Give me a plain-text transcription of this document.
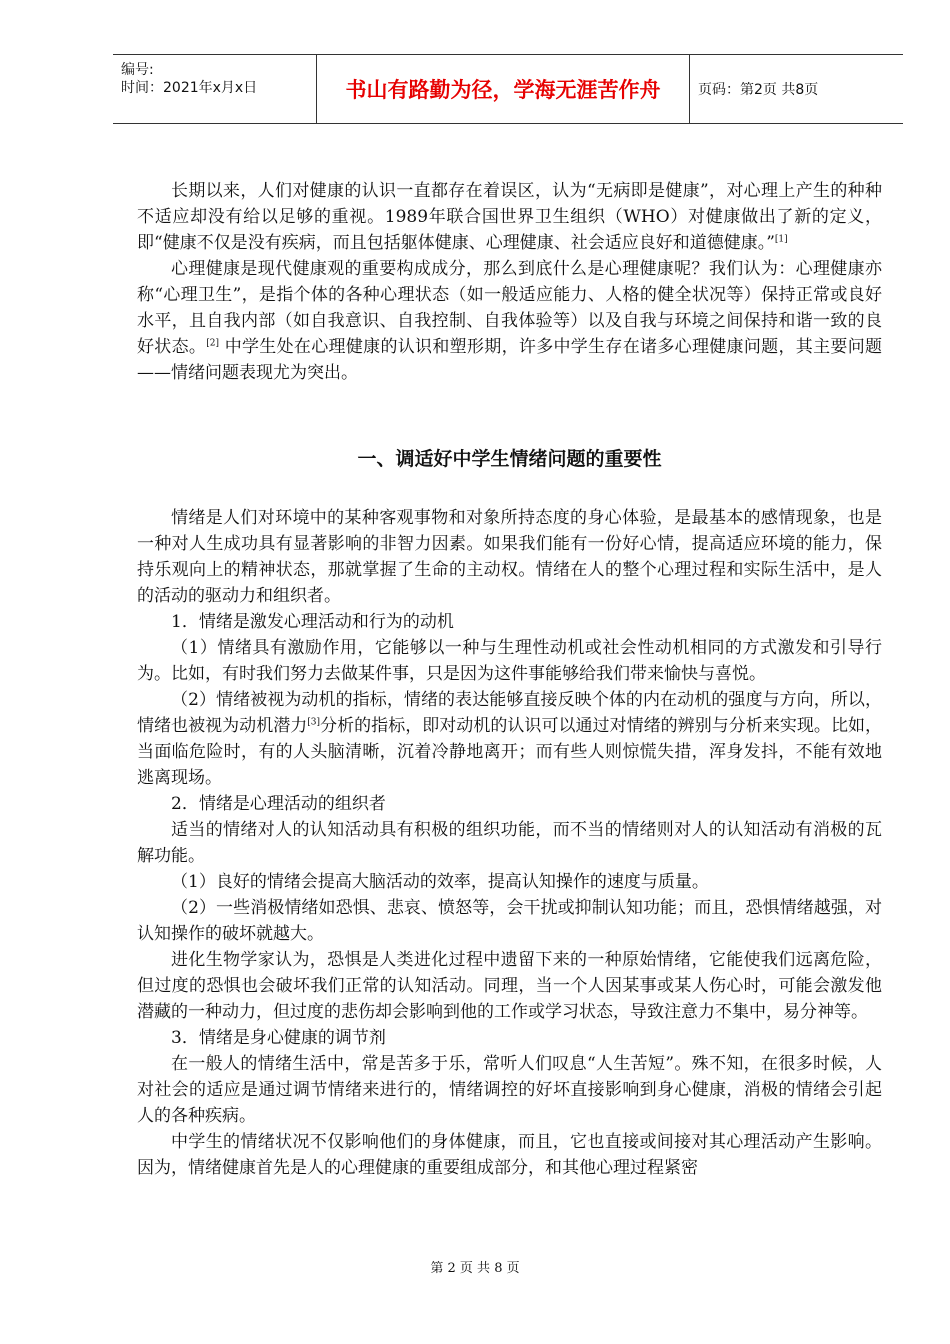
编号:
时间：2021年x月x日	书山有路勤为径，学海无涯苦作舟	页码：第2页 共8页

长期以来，人们对健康的认识一直都存在着误区，认为“无病即是健康”，对心理上产生的种种不适应却没有给以足够的重视。1989年联合国世界卫生组织（WHO）对健康做出了新的定义，即“健康不仅是没有疾病，而且包括躯体健康、心理健康、社会适应良好和道德健康。”[1]

心理健康是现代健康观的重要构成成分，那么到底什么是心理健康呢？我们认为：心理健康亦称“心理卫生”，是指个体的各种心理状态（如一般适应能力、人格的健全状况等）保持正常或良好水平，且自我内部（如自我意识、自我控制、自我体验等）以及自我与环境之间保持和谐一致的良好状态。[2] 中学生处在心理健康的认识和塑形期，许多中学生存在诸多心理健康问题，其主要问题——情绪问题表现尤为突出。

一、调适好中学生情绪问题的重要性

情绪是人们对环境中的某种客观事物和对象所持态度的身心体验，是最基本的感情现象，也是一种对人生成功具有显著影响的非智力因素。如果我们能有一份好心情，提高适应环境的能力，保持乐观向上的精神状态，那就掌握了生命的主动权。情绪在人的整个心理过程和实际生活中，是人的活动的驱动力和组织者。

1．情绪是激发心理活动和行为的动机

（1）情绪具有激励作用，它能够以一种与生理性动机或社会性动机相同的方式激发和引导行为。比如，有时我们努力去做某件事，只是因为这件事能够给我们带来愉快与喜悦。

（2）情绪被视为动机的指标，情绪的表达能够直接反映个体的内在动机的强度与方向，所以，情绪也被视为动机潜力[3]分析的指标，即对动机的认识可以通过对情绪的辨别与分析来实现。比如，当面临危险时，有的人头脑清晰，沉着冷静地离开；而有些人则惊慌失措，浑身发抖，不能有效地逃离现场。

2．情绪是心理活动的组织者

适当的情绪对人的认知活动具有积极的组织功能，而不当的情绪则对人的认知活动有消极的瓦解功能。

（1）良好的情绪会提高大脑活动的效率，提高认知操作的速度与质量。

（2）一些消极情绪如恐惧、悲哀、愤怒等，会干扰或抑制认知功能；而且，恐惧情绪越强，对认知操作的破坏就越大。

进化生物学家认为，恐惧是人类进化过程中遗留下来的一种原始情绪，它能使我们远离危险，但过度的恐惧也会破坏我们正常的认知活动。同理，当一个人因某事或某人伤心时，可能会激发他潜藏的一种动力，但过度的悲伤却会影响到他的工作或学习状态，导致注意力不集中，易分神等。

3．情绪是身心健康的调节剂

在一般人的情绪生活中，常是苦多于乐，常听人们叹息“人生苦短”。殊不知，在很多时候，人对社会的适应是通过调节情绪来进行的，情绪调控的好坏直接影响到身心健康，消极的情绪会引起人的各种疾病。

中学生的情绪状况不仅影响他们的身体健康，而且，它也直接或间接对其心理活动产生影响。因为，情绪健康首先是人的心理健康的重要组成部分，和其他心理过程紧密

第 2 页 共 8 页
